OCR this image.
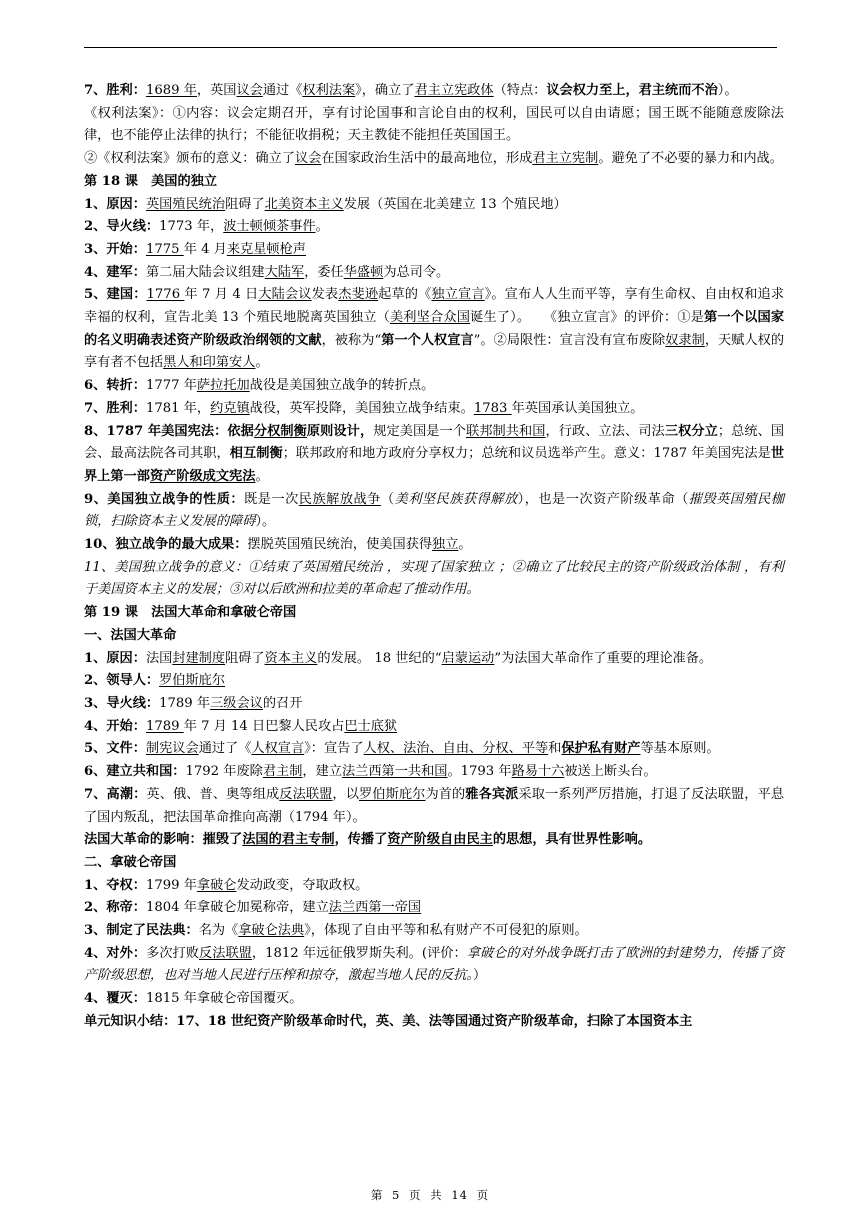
7、胜利：1689 年，英国议会通过《权利法案》，确立了君主立宪政体（特点：议会权力至上，君主统而不治）。

《权利法案》：①内容：议会定期召开，享有讨论国事和言论自由的权利，国民可以自由请愿；国王既不能随意废除法律，也不能停止法律的执行；不能征收捐税；天主教徒不能担任英国国王。

②《权利法案》颁布的意义：确立了议会在国家政治生活中的最高地位，形成君主立宪制。避免了不必要的暴力和内战。

第 18 课　美国的独立

1、原因：英国殖民统治阻碍了北美资本主义发展（英国在北美建立 13 个殖民地）

2、导火线：1773 年，波士顿倾茶事件。

3、开始：1775 年 4 月来克星顿枪声

4、建军：第二届大陆会议组建大陆军，委任华盛顿为总司令。

5、建国：1776 年 7 月 4 日大陆会议发表杰斐逊起草的《独立宣言》。宣布人人生而平等，享有生命权、自由权和追求幸福的权利，宣告北美 13 个殖民地脱离英国独立（美利坚合众国诞生了）。　　《独立宣言》的评价：①是第一个以国家的名义明确表述资产阶级政治纲领的文献，被称为“第一个人权宣言”。②局限性：宣言没有宣布废除奴隶制，天赋人权的享有者不包括黑人和印第安人。

6、转折：1777 年萨拉托加战役是美国独立战争的转折点。

7、胜利：1781 年，约克镇战役，英军投降，美国独立战争结束。1783 年英国承认美国独立。

8、1787 年美国宪法：依据分权制衡原则设计，规定美国是一个联邦制共和国，行政、立法、司法三权分立；总统、国会、最高法院各司其职，相互制衡；联邦政府和地方政府分享权力；总统和议员选举产生。意义：1787 年美国宪法是世界上第一部资产阶级成文宪法。

9、美国独立战争的性质：既是一次民族解放战争（美利坚民族获得解放），也是一次资产阶级革命（摧毁英国殖民枷锁，扫除资本主义发展的障碍）。

10、独立战争的最大成果：摆脱英国殖民统治，使美国获得独立。

11、美国独立战争的意义：①结束了英国殖民统治 ，实现了国家独立 ；②确立了比较民主的资产阶级政治体制 ，有利于美国资本主义的发展；③对以后欧洲和拉美的革命起了推动作用。

第 19 课　法国大革命和拿破仑帝国

一、法国大革命

1、原因：法国封建制度阻碍了资本主义的发展。 18 世纪的“启蒙运动”为法国大革命作了重要的理论准备。

2、领导人：罗伯斯庇尔

3、导火线：1789 年三级会议的召开

4、开始：1789 年 7 月 14 日巴黎人民攻占巴士底狱

5、文件：制宪议会通过了《人权宣言》：宣告了人权、法治、自由、分权、平等和保护私有财产等基本原则。

6、建立共和国：1792 年废除君主制，建立法兰西第一共和国。1793 年路易十六被送上断头台。

7、高潮：英、俄、普、奥等组成反法联盟，以罗伯斯庇尔为首的雅各宾派采取一系列严厉措施，打退了反法联盟，平息了国内叛乱，把法国革命推向高潮（1794 年）。

法国大革命的影响：摧毁了法国的君主专制，传播了资产阶级自由民主的思想，具有世界性影响。

二、拿破仑帝国

1、夺权：1799 年拿破仑发动政变，夺取政权。

2、称帝：1804 年拿破仑加冕称帝，建立法兰西第一帝国

3、制定了民法典：名为《拿破仑法典》，体现了自由平等和私有财产不可侵犯的原则。

4、对外：多次打败反法联盟，1812 年远征俄罗斯失利。(评价：拿破仑的对外战争既打击了欧洲的封建势力，传播了资产阶级思想，也对当地人民进行压榨和掠夺，激起当地人民的反抗。）

4、覆灭：1815 年拿破仑帝国覆灭。

单元知识小结：17、18 世纪资产阶级革命时代，英、美、法等国通过资产阶级革命，扫除了本国资本主

第 5 页 共 14 页
